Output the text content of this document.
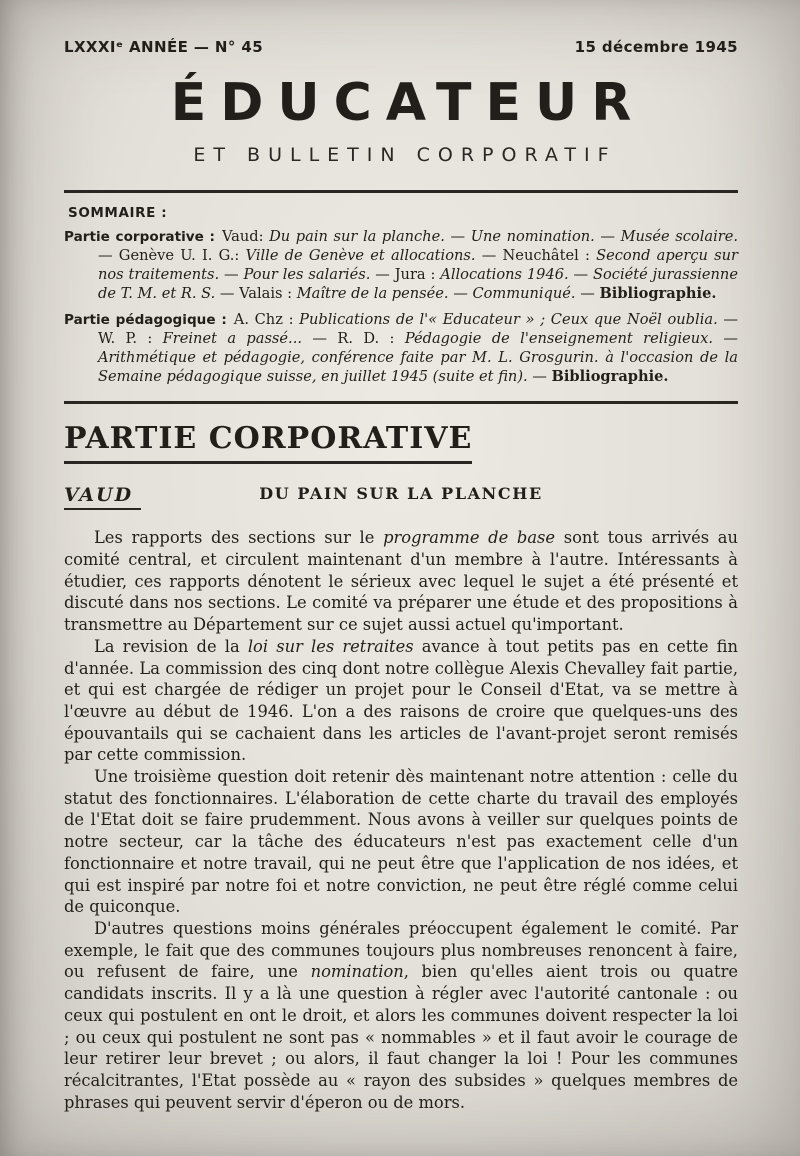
LXXXIᵉ ANNÉE — N° 45	15 décembre 1945
ÉDUCATEUR
ET BULLETIN CORPORATIF
SOMMAIRE :

Partie corporative : Vaud: Du pain sur la planche. — Une nomination. — Musée scolaire. — Genève U. I. G.: Ville de Genève et allocations. — Neuchâtel : Second aperçu sur nos traitements. — Pour les salariés. — Jura : Allocations 1946. — Société jurassienne de T. M. et R. S. — Valais : Maître de la pensée. — Communiqué. — Bibliographie.

Partie pédagogique : A. Chz : Publications de l'« Educateur » ; Ceux que Noël oublia. — W. P. : Freinet a passé... — R. D. : Pédagogie de l'enseignement religieux. — Arithmétique et pédagogie, conférence faite par M. L. Grosgurin. à l'occasion de la Semaine pédagogique suisse, en juillet 1945 (suite et fin). — Bibliographie.

PARTIE CORPORATIVE
VAUD	DU PAIN SUR LA PLANCHE

Les rapports des sections sur le programme de base sont tous arrivés au comité central, et circulent maintenant d'un membre à l'autre. Intéressants à étudier, ces rapports dénotent le sérieux avec lequel le sujet a été présenté et discuté dans nos sections. Le comité va préparer une étude et des propositions à transmettre au Département sur ce sujet aussi actuel qu'important.

La revision de la loi sur les retraites avance à tout petits pas en cette fin d'année. La commission des cinq dont notre collègue Alexis Chevalley fait partie, et qui est chargée de rédiger un projet pour le Conseil d'Etat, va se mettre à l'œuvre au début de 1946. L'on a des raisons de croire que quelques-uns des épouvantails qui se cachaient dans les articles de l'avant-projet seront remisés par cette commission.

Une troisième question doit retenir dès maintenant notre attention : celle du statut des fonctionnaires. L'élaboration de cette charte du travail des employés de l'Etat doit se faire prudemment. Nous avons à veiller sur quelques points de notre secteur, car la tâche des éducateurs n'est pas exactement celle d'un fonctionnaire et notre travail, qui ne peut être que l'application de nos idées, et qui est inspiré par notre foi et notre conviction, ne peut être réglé comme celui de quiconque.

D'autres questions moins générales préoccupent également le comité. Par exemple, le fait que des communes toujours plus nombreuses renoncent à faire, ou refusent de faire, une nomination, bien qu'elles aient trois ou quatre candidats inscrits. Il y a là une question à régler avec l'autorité cantonale : ou ceux qui postulent en ont le droit, et alors les communes doivent respecter la loi ; ou ceux qui postulent ne sont pas « nommables » et il faut avoir le courage de leur retirer leur brevet ; ou alors, il faut changer la loi ! Pour les communes récalcitrantes, l'Etat possède au « rayon des subsides » quelques membres de phrases qui peuvent servir d'éperon ou de mors.
